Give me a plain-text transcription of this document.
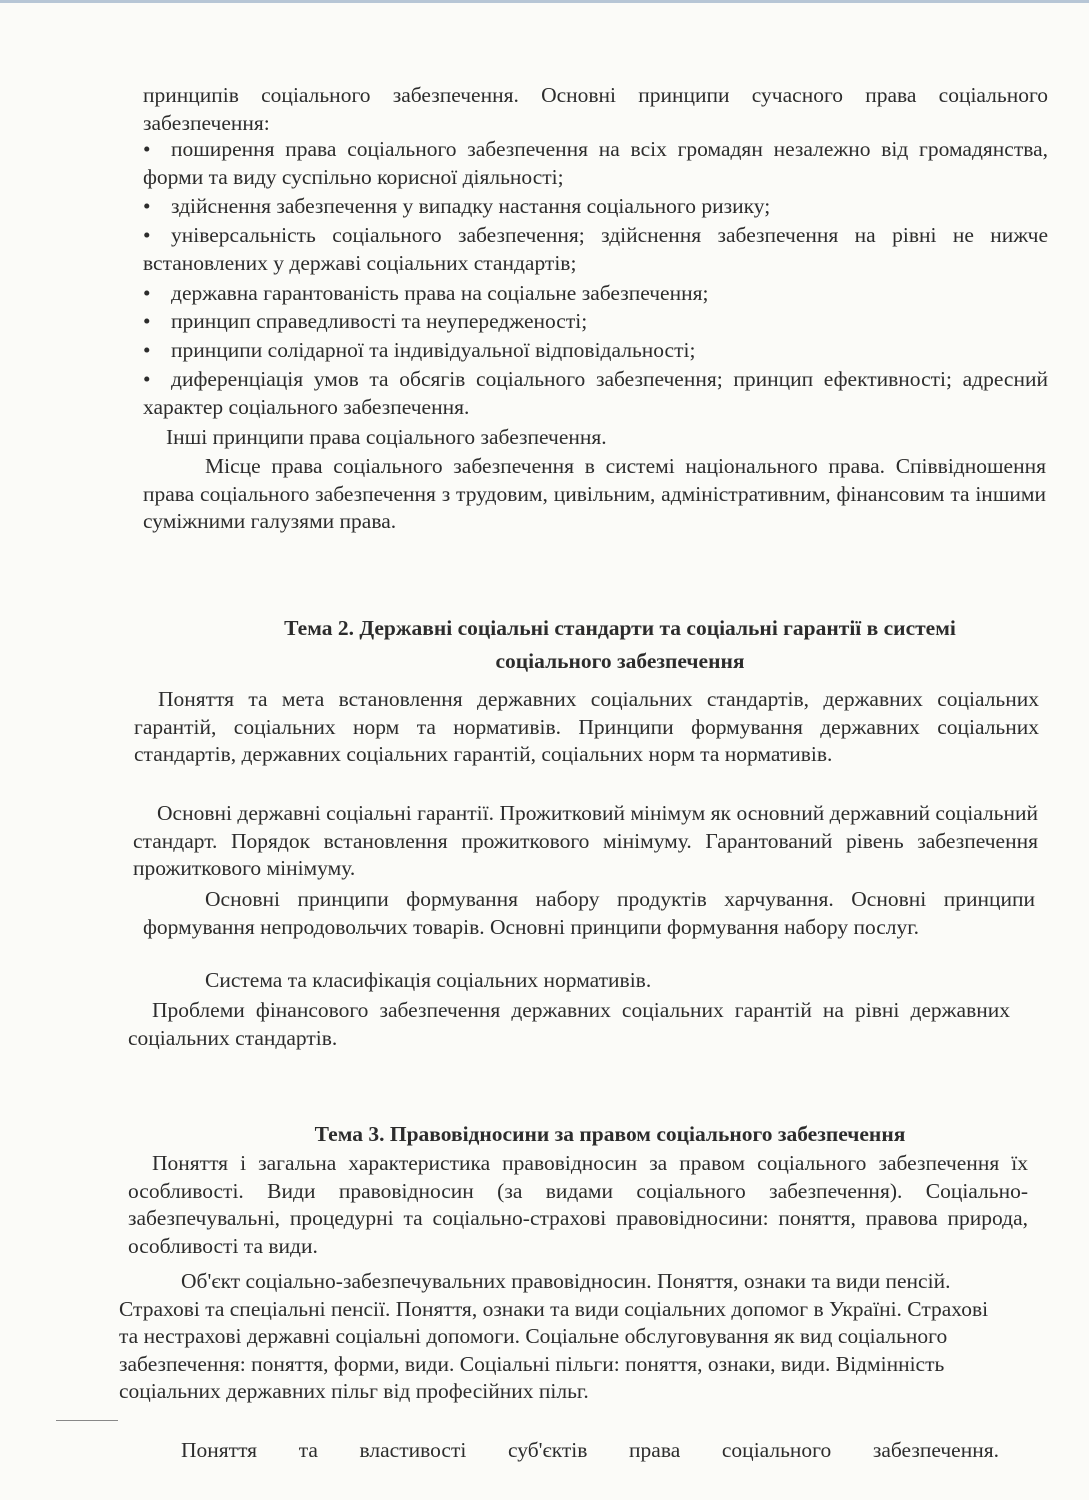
принципів соціального забезпечення. Основні принципи сучасного права соціального забезпечення:
• поширення права соціального забезпечення на всіх громадян незалежно від громадянства, форми та виду суспільно корисної діяльності;
• здійснення забезпечення у випадку настання соціального ризику;
• універсальність соціального забезпечення; здійснення забезпечення на рівні не нижче встановлених у державі соціальних стандартів;
• державна гарантованість права на соціальне забезпечення;
• принцип справедливості та неупередженості;
• принципи солідарної та індивідуальної відповідальності;
• диференціація умов та обсягів соціального забезпечення; принцип ефективності; адресний характер соціального забезпечення.
Інші принципи права соціального забезпечення.
Місце права соціального забезпечення в системі національного права. Співвідношення права соціального забезпечення з трудовим, цивільним, адміністративним, фінансовим та іншими суміжними галузями права.
Тема 2. Державні соціальні стандарти та соціальні гарантії в системі
соціального забезпечення
Поняття та мета встановлення державних соціальних стандартів, державних соціальних гарантій, соціальних норм та нормативів. Принципи формування державних соціальних стандартів, державних соціальних гарантій, соціальних норм та нормативів.
Основні державні соціальні гарантії. Прожитковий мінімум як основний державний соціальний стандарт. Порядок встановлення прожиткового мінімуму. Гарантований рівень забезпечення прожиткового мінімуму.
Основні принципи формування набору продуктів харчування. Основні принципи формування непродовольчих товарів. Основні принципи формування набору послуг.
Система та класифікація соціальних нормативів.
Проблеми фінансового забезпечення державних соціальних гарантій на рівні державних соціальних стандартів.
Тема 3. Правовідносини за правом соціального забезпечення
Поняття і загальна характеристика правовідносин за правом соціального забезпечення їх особливості. Види правовідносин (за видами соціального забезпечення). Соціально-забезпечувальні, процедурні та соціально-страхові правовідносини: поняття, правова природа, особливості та види.
Об'єкт соціально-забезпечувальних правовідносин. Поняття, ознаки та види пенсій. Страхові та спеціальні пенсії. Поняття, ознаки та види соціальних допомог в Україні. Страхові та нестрахові державні соціальні допомоги. Соціальне обслуговування як вид соціального забезпечення: поняття, форми, види. Соціальні пільги: поняття, ознаки, види. Відмінність соціальних державних пільг від професійних пільг.
Поняття та властивості суб'єктів права соціального забезпечення.
